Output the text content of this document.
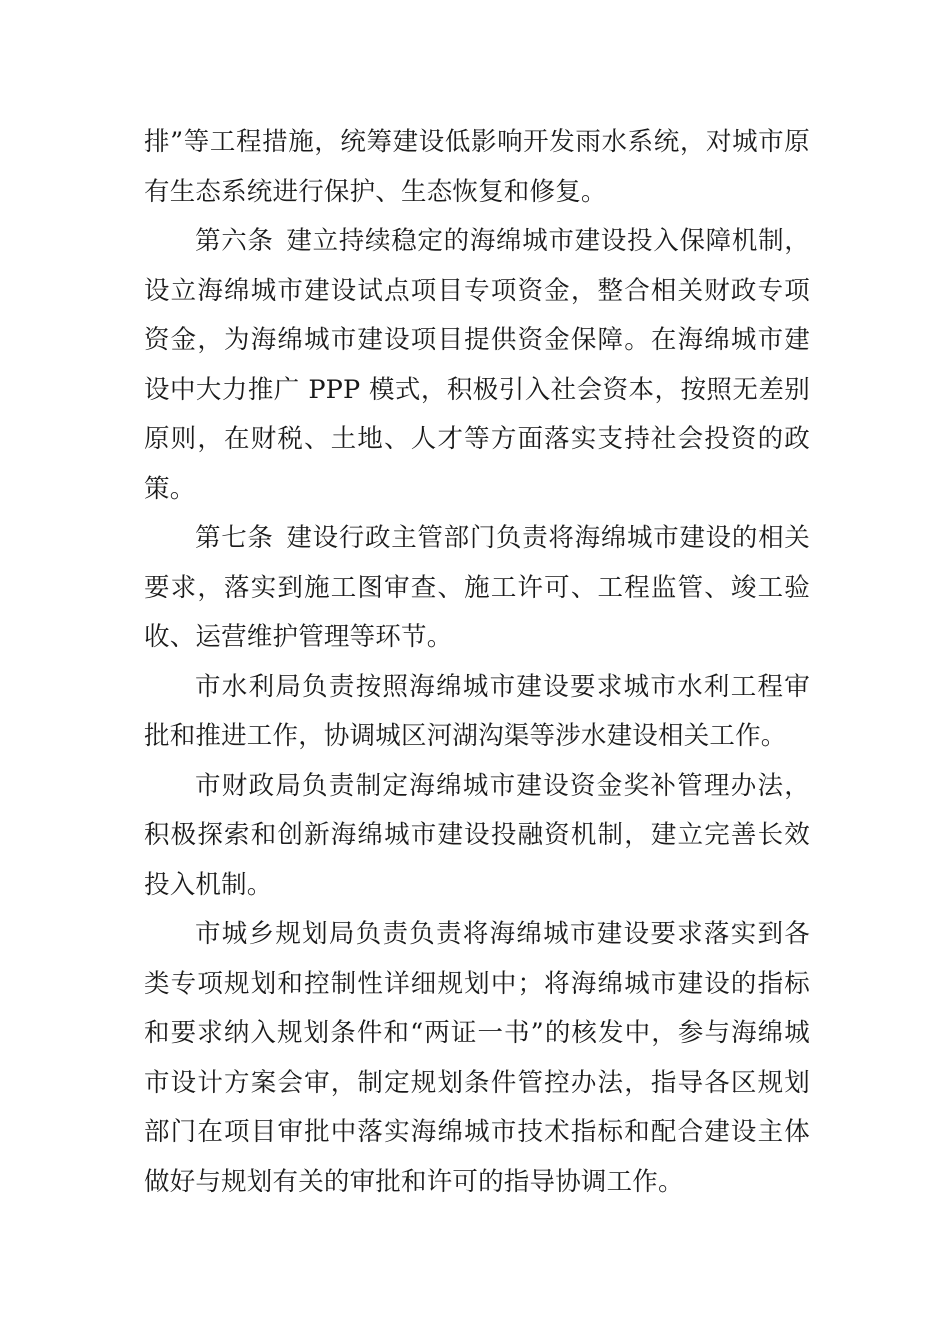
排”等工程措施，统筹建设低影响开发雨水系统，对城市原有生态系统进行保护、生态恢复和修复。

第六条 建立持续稳定的海绵城市建设投入保障机制，设立海绵城市建设试点项目专项资金，整合相关财政专项资金，为海绵城市建设项目提供资金保障。在海绵城市建设中大力推广 PPP 模式，积极引入社会资本，按照无差别原则，在财税、土地、人才等方面落实支持社会投资的政策。

第七条 建设行政主管部门负责将海绵城市建设的相关要求，落实到施工图审查、施工许可、工程监管、竣工验收、运营维护管理等环节。

市水利局负责按照海绵城市建设要求城市水利工程审批和推进工作，协调城区河湖沟渠等涉水建设相关工作。

市财政局负责制定海绵城市建设资金奖补管理办法，积极探索和创新海绵城市建设投融资机制，建立完善长效投入机制。

市城乡规划局负责负责将海绵城市建设要求落实到各类专项规划和控制性详细规划中；将海绵城市建设的指标和要求纳入规划条件和“两证一书”的核发中，参与海绵城市设计方案会审，制定规划条件管控办法，指导各区规划部门在项目审批中落实海绵城市技术指标和配合建设主体做好与规划有关的审批和许可的指导协调工作。
